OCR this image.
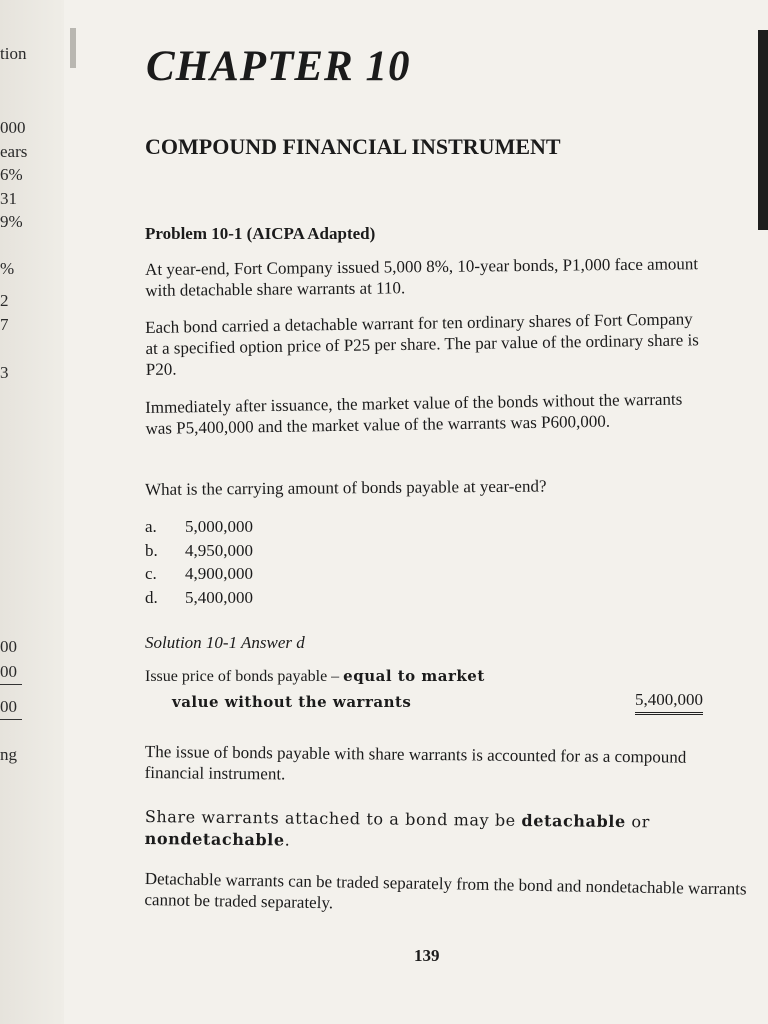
tion
000
ears
6%
31
9%
%
2
7
3
00
00
00
ng
CHAPTER 10
COMPOUND FINANCIAL INSTRUMENT
Problem 10-1 (AICPA Adapted)
At year-end, Fort Company issued 5,000 8%, 10-year bonds, P1,000 face amount with detachable share warrants at 110.
Each bond carried a detachable warrant for ten ordinary shares of Fort Company at a specified option price of P25 per share. The par value of the ordinary share is P20.
Immediately after issuance, the market value of the bonds without the warrants was P5,400,000 and the market value of the warrants was P600,000.
What is the carrying amount of bonds payable at year-end?
a.	5,000,000
b.	4,950,000
c.	4,900,000
d.	5,400,000
Solution 10-1 Answer d
Issue price of bonds payable – equal to market
value without the warrants	5,400,000
The issue of bonds payable with share warrants is accounted for as a compound financial instrument.
Share warrants attached to a bond may be detachable or nondetachable.
Detachable warrants can be traded separately from the bond and nondetachable warrants cannot be traded separately.
139
